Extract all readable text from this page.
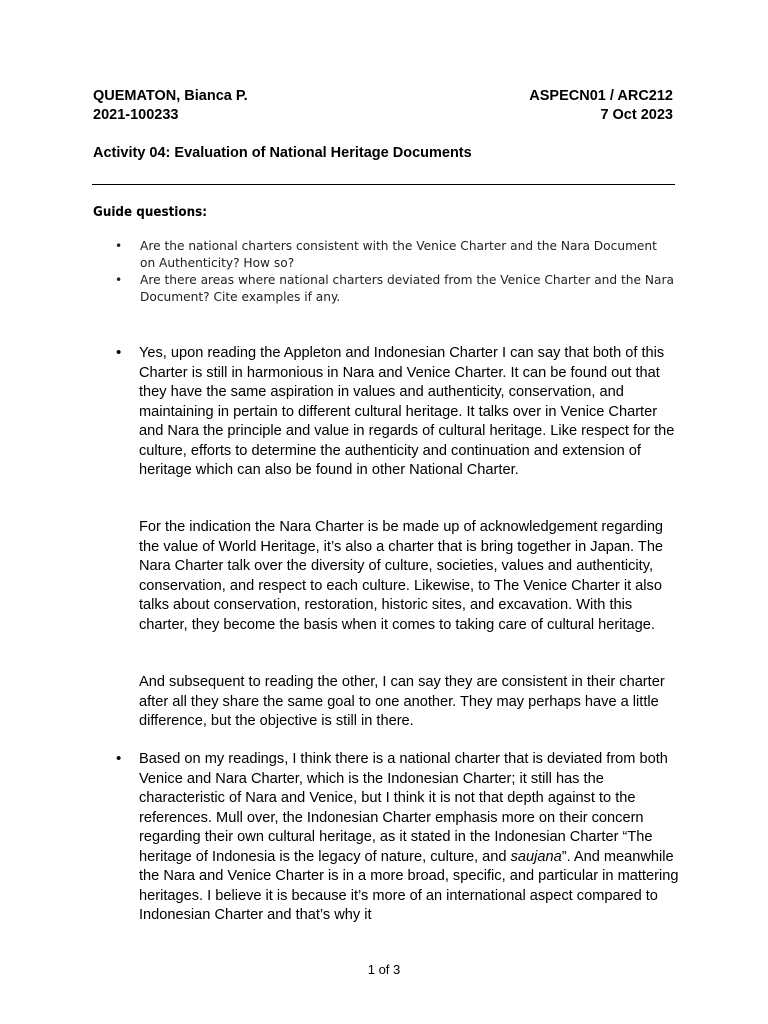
QUEMATON, Bianca P.	ASPECN01 / ARC212
2021-100233	7 Oct 2023
Activity 04: Evaluation of National Heritage Documents
Guide questions:
• Are the national charters consistent with the Venice Charter and the Nara Document on Authenticity? How so?
• Are there areas where national charters deviated from the Venice Charter and the Nara Document? Cite examples if any.
• Yes, upon reading the Appleton and Indonesian Charter I can say that both of this Charter is still in harmonious in Nara and Venice Charter. It can be found out that they have the same aspiration in values and authenticity, conservation, and maintaining in pertain to different cultural heritage. It talks over in Venice Charter and Nara the principle and value in regards of cultural heritage. Like respect for the culture, efforts to determine the authenticity and continuation and extension of heritage which can also be found in other National Charter.
For the indication the Nara Charter is be made up of acknowledgement regarding the value of World Heritage, it’s also a charter that is bring together in Japan. The Nara Charter talk over the diversity of culture, societies, values and authenticity, conservation, and respect to each culture. Likewise, to The Venice Charter it also talks about conservation, restoration, historic sites, and excavation. With this charter, they become the basis when it comes to taking care of cultural heritage.
And subsequent to reading the other, I can say they are consistent in their charter after all they share the same goal to one another. They may perhaps have a little difference, but the objective is still in there.
• Based on my readings, I think there is a national charter that is deviated from both Venice and Nara Charter, which is the Indonesian Charter; it still has the characteristic of Nara and Venice, but I think it is not that depth against to the references. Mull over, the Indonesian Charter emphasis more on their concern regarding their own cultural heritage, as it stated in the Indonesian Charter “The heritage of Indonesia is the legacy of nature, culture, and saujana”. And meanwhile the Nara and Venice Charter is in a more broad, specific, and particular in mattering heritages. I believe it is because it’s more of an international aspect compared to Indonesian Charter and that’s why it
1 of 3
